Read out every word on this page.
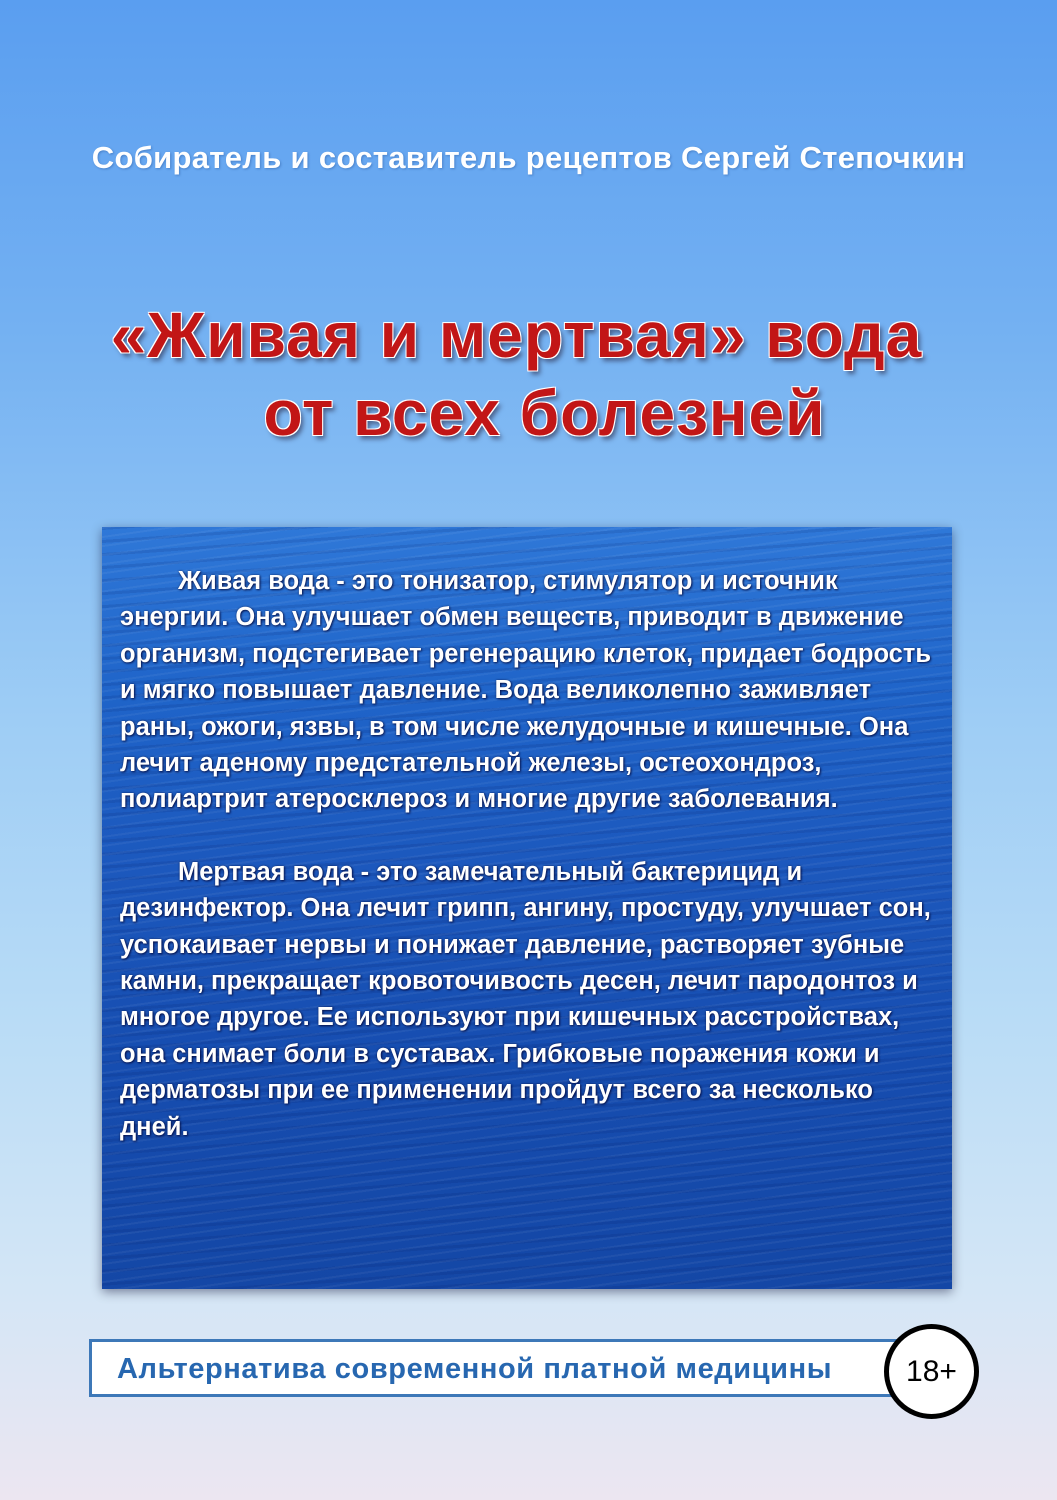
Собиратель и составитель рецептов Сергей Степочкин
«Живая и мертвая» вода
от всех болезней

Живая вода - это тонизатор, стимулятор и источник энергии. Она улучшает обмен веществ, приводит в движение организм, подстегивает регенерацию клеток, придает бодрость и мягко повышает давление. Вода великолепно заживляет раны, ожоги, язвы, в том числе желудочные и кишечные. Она лечит аденому предстательной железы, остеохондроз, полиартрит атеросклероз и многие другие заболевания.

Мертвая вода - это замечательный бактерицид и дезинфектор. Она лечит грипп, ангину, простуду, улучшает сон, успокаивает нервы и понижает давление, растворяет зубные камни, прекращает кровоточивость десен, лечит пародонтоз и многое другое. Ее используют при кишечных расстройствах, она снимает боли в суставах. Грибковые поражения кожи и дерматозы при ее применении пройдут всего за несколько дней.

Альтернатива современной платной медицины	18+
